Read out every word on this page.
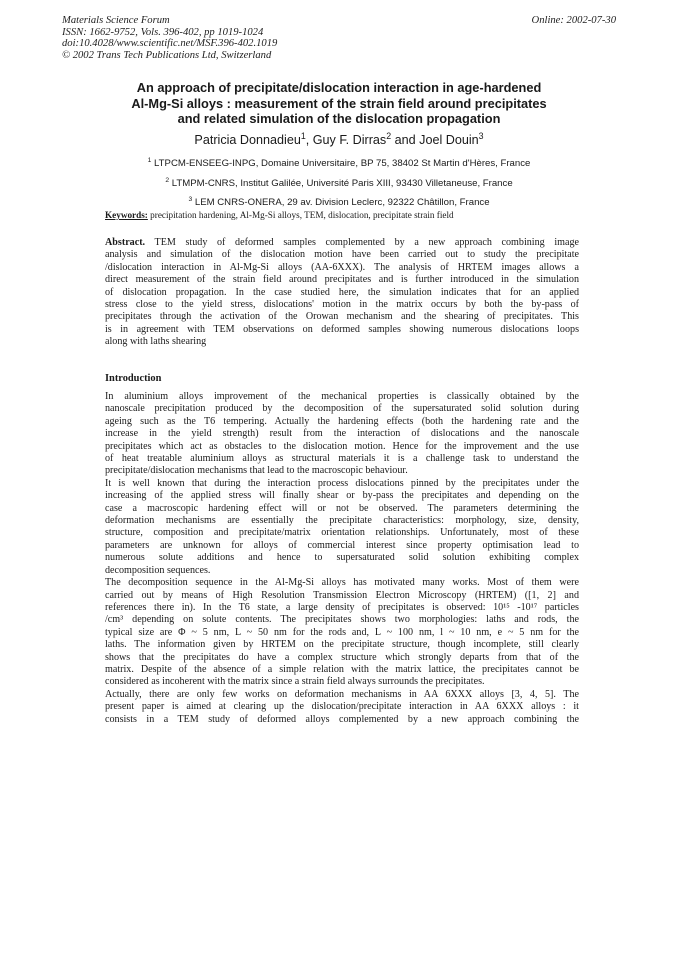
Materials Science Forum
ISSN: 1662-9752, Vols. 396-402, pp 1019-1024
doi:10.4028/www.scientific.net/MSF.396-402.1019
© 2002 Trans Tech Publications Ltd, Switzerland
Online: 2002-07-30
An approach of precipitate/dislocation interaction in age-hardened
Al-Mg-Si alloys : measurement of the strain field around precipitates
and related simulation of the dislocation propagation
Patricia Donnadieu$^1$, Guy F. Dirras$^2$ and Joel Douin$^3$
$^1$ LTPCM-ENSEEG-INPG, Domaine Universitaire, BP 75, 38402 St Martin d'Hères, France
$^2$ LTMPM-CNRS, Institut Galilée, Université Paris XIII, 93430 Villetaneuse, France
$^3$ LEM CNRS-ONERA, 29 av. Division Leclerc, 92322 Châtillon, France
Keywords: precipitation hardening, Al-Mg-Si alloys, TEM, dislocation, precipitate strain field
Abstract. TEM study of deformed samples complemented by a new approach combining image
analysis and simulation of the dislocation motion have been carried out to study the precipitate
/dislocation interaction in Al-Mg-Si alloys (AA-6XXX). The analysis of HRTEM images allows a
direct measurement of the strain field around precipitates and is further introduced in the simulation
of dislocation propagation. In the case studied here, the simulation indicates that for an applied
stress close to the yield stress, dislocations' motion in the matrix occurs by both the by-pass of
precipitates through the activation of the Orowan mechanism and the shearing of precipitates. This
is in agreement with TEM observations on deformed samples showing numerous dislocations loops
along with laths shearing
Introduction
In aluminium alloys improvement of the mechanical properties is classically obtained by the
nanoscale precipitation produced by the decomposition of the supersaturated solid solution during
ageing such as the T6 tempering. Actually the hardening effects (both the hardening rate and the
increase in the yield strength) result from the interaction of dislocations and the nanoscale
precipitates which act as obstacles to the dislocation motion. Hence for the improvement and the use
of heat treatable aluminium alloys as structural materials it is a challenge task to understand the
precipitate/dislocation mechanisms that lead to the macroscopic behaviour.
It is well known that during the interaction process dislocations pinned by the precipitates under the
increasing of the applied stress will finally shear or by-pass the precipitates and depending on the
case a macroscopic hardening effect will or not be observed. The parameters determining the
deformation mechanisms are essentially the precipitate characteristics: morphology, size, density,
structure, composition and precipitate/matrix orientation relationships. Unfortunately, most of these
parameters are unknown for alloys of commercial interest since property optimisation lead to
numerous solute additions and hence to supersaturated solid solution exhibiting complex
decomposition sequences.
The decomposition sequence in the Al-Mg-Si alloys has motivated many works. Most of them were
carried out by means of High Resolution Transmission Electron Microscopy (HRTEM) ([1, 2] and
references there in). In the T6 state, a large density of precipitates is observed: 10¹⁵ -10¹⁷ particles
/cm³ depending on solute contents. The precipitates shows two morphologies: laths and rods, the
typical size are Φ ~ 5 nm, L ~ 50 nm for the rods and, L ~ 100 nm, l ~ 10 nm, e ~ 5 nm for the
laths. The information given by HRTEM on the precipitate structure, though incomplete, still clearly
shows that the precipitates do have a complex structure which strongly departs from that of the
matrix. Despite of the absence of a simple relation with the matrix lattice, the precipitates cannot be
considered as incoherent with the matrix since a strain field always surrounds the precipitates.
Actually, there are only few works on deformation mechanisms in AA 6XXX alloys [3, 4, 5]. The
present paper is aimed at clearing up the dislocation/precipitate interaction in AA 6XXX alloys : it
consists in a TEM study of deformed alloys complemented by a new approach combining the
